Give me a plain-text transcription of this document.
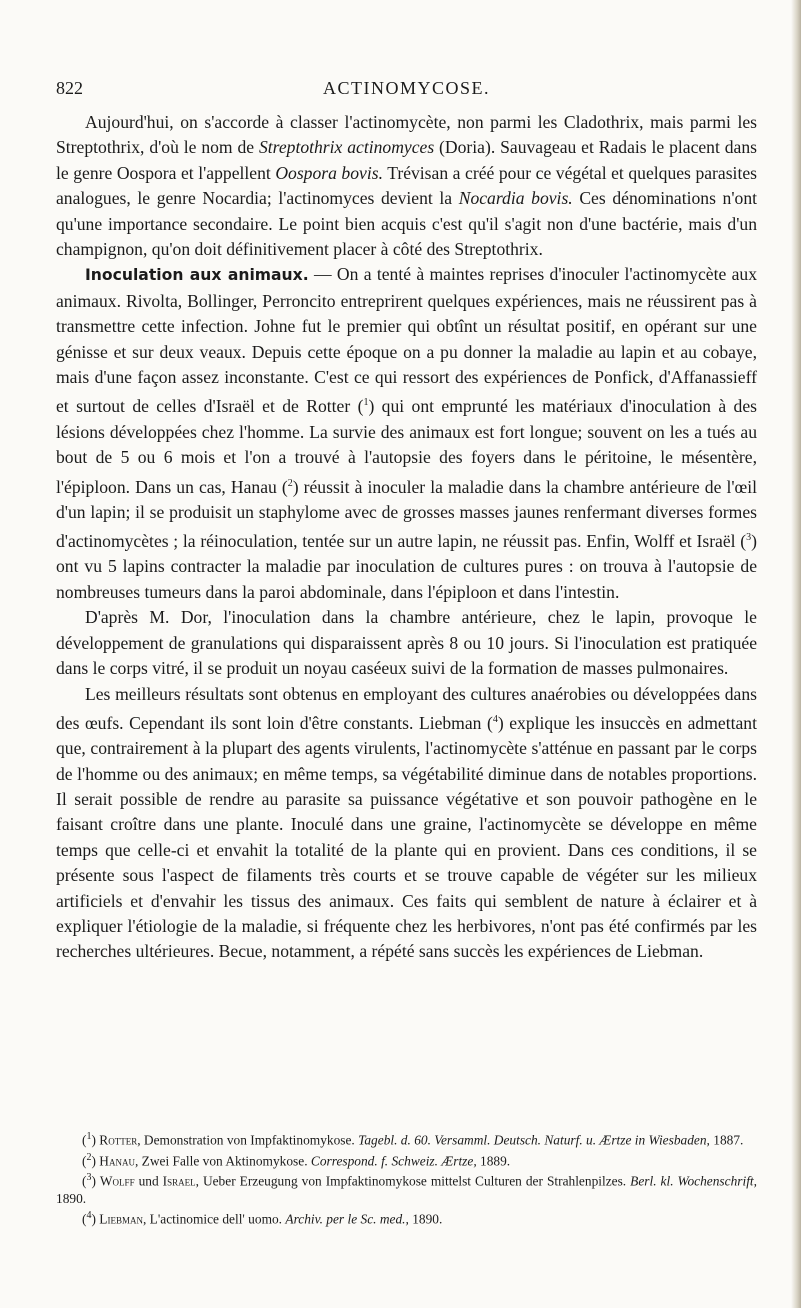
822	ACTINOMYCOSE.

Aujourd'hui, on s'accorde à classer l'actinomycète, non parmi les Cladothrix, mais parmi les Streptothrix, d'où le nom de Streptothrix actinomyces (Doria). Sauvageau et Radais le placent dans le genre Oospora et l'appellent Oospora bovis. Trévisan a créé pour ce végétal et quelques parasites analogues, le genre Nocardia; l'actinomyces devient la Nocardia bovis. Ces dénominations n'ont qu'une importance secondaire. Le point bien acquis c'est qu'il s'agit non d'une bactérie, mais d'un champignon, qu'on doit définitivement placer à côté des Streptothrix.

Inoculation aux animaux. — On a tenté à maintes reprises d'inoculer l'actinomycète aux animaux. Rivolta, Bollinger, Perroncito entreprirent quelques expériences, mais ne réussirent pas à transmettre cette infection. Johne fut le premier qui obtînt un résultat positif, en opérant sur une génisse et sur deux veaux. Depuis cette époque on a pu donner la maladie au lapin et au cobaye, mais d'une façon assez inconstante. C'est ce qui ressort des expériences de Ponfick, d'Affanassieff et surtout de celles d'Israël et de Rotter ($^1$) qui ont emprunté les matériaux d'inoculation à des lésions développées chez l'homme. La survie des animaux est fort longue; souvent on les a tués au bout de 5 ou 6 mois et l'on a trouvé à l'autopsie des foyers dans le péritoine, le mésentère, l'épiploon. Dans un cas, Hanau ($^2$) réussit à inoculer la maladie dans la chambre antérieure de l'œil d'un lapin; il se produisit un staphylome avec de grosses masses jaunes renfermant diverses formes d'actinomycètes ; la réinoculation, tentée sur un autre lapin, ne réussit pas. Enfin, Wolff et Israël ($^3$) ont vu 5 lapins contracter la maladie par inoculation de cultures pures : on trouva à l'autopsie de nombreuses tumeurs dans la paroi abdominale, dans l'épiploon et dans l'intestin.

D'après M. Dor, l'inoculation dans la chambre antérieure, chez le lapin, provoque le développement de granulations qui disparaissent après 8 ou 10 jours. Si l'inoculation est pratiquée dans le corps vitré, il se produit un noyau caséeux suivi de la formation de masses pulmonaires.

Les meilleurs résultats sont obtenus en employant des cultures anaérobies ou développées dans des œufs. Cependant ils sont loin d'être constants. Liebman ($^4$) explique les insuccès en admettant que, contrairement à la plupart des agents virulents, l'actinomycète s'atténue en passant par le corps de l'homme ou des animaux; en même temps, sa végétabilité diminue dans de notables proportions. Il serait possible de rendre au parasite sa puissance végétative et son pouvoir pathogène en le faisant croître dans une plante. Inoculé dans une graine, l'actinomycète se développe en même temps que celle-ci et envahit la totalité de la plante qui en provient. Dans ces conditions, il se présente sous l'aspect de filaments très courts et se trouve capable de végéter sur les milieux artificiels et d'envahir les tissus des animaux. Ces faits qui semblent de nature à éclairer et à expliquer l'étiologie de la maladie, si fréquente chez les herbivores, n'ont pas été confirmés par les recherches ultérieures. Becue, notamment, a répété sans succès les expériences de Liebman.

($^1$) Rotter, Demonstration von Impfaktinomykose. Tagebl. d. 60. Versamml. Deutsch. Naturf. u. Ærtze in Wiesbaden, 1887.

($^2$) Hanau, Zwei Falle von Aktinomykose. Correspond. f. Schweiz. Ærtze, 1889.

($^3$) Wolff und Israel, Ueber Erzeugung von Impfaktinomykose mittelst Culturen der Strahlenpilzes. Berl. kl. Wochenschrift, 1890.

($^4$) Liebman, L'actinomice dell' uomo. Archiv. per le Sc. med., 1890.
